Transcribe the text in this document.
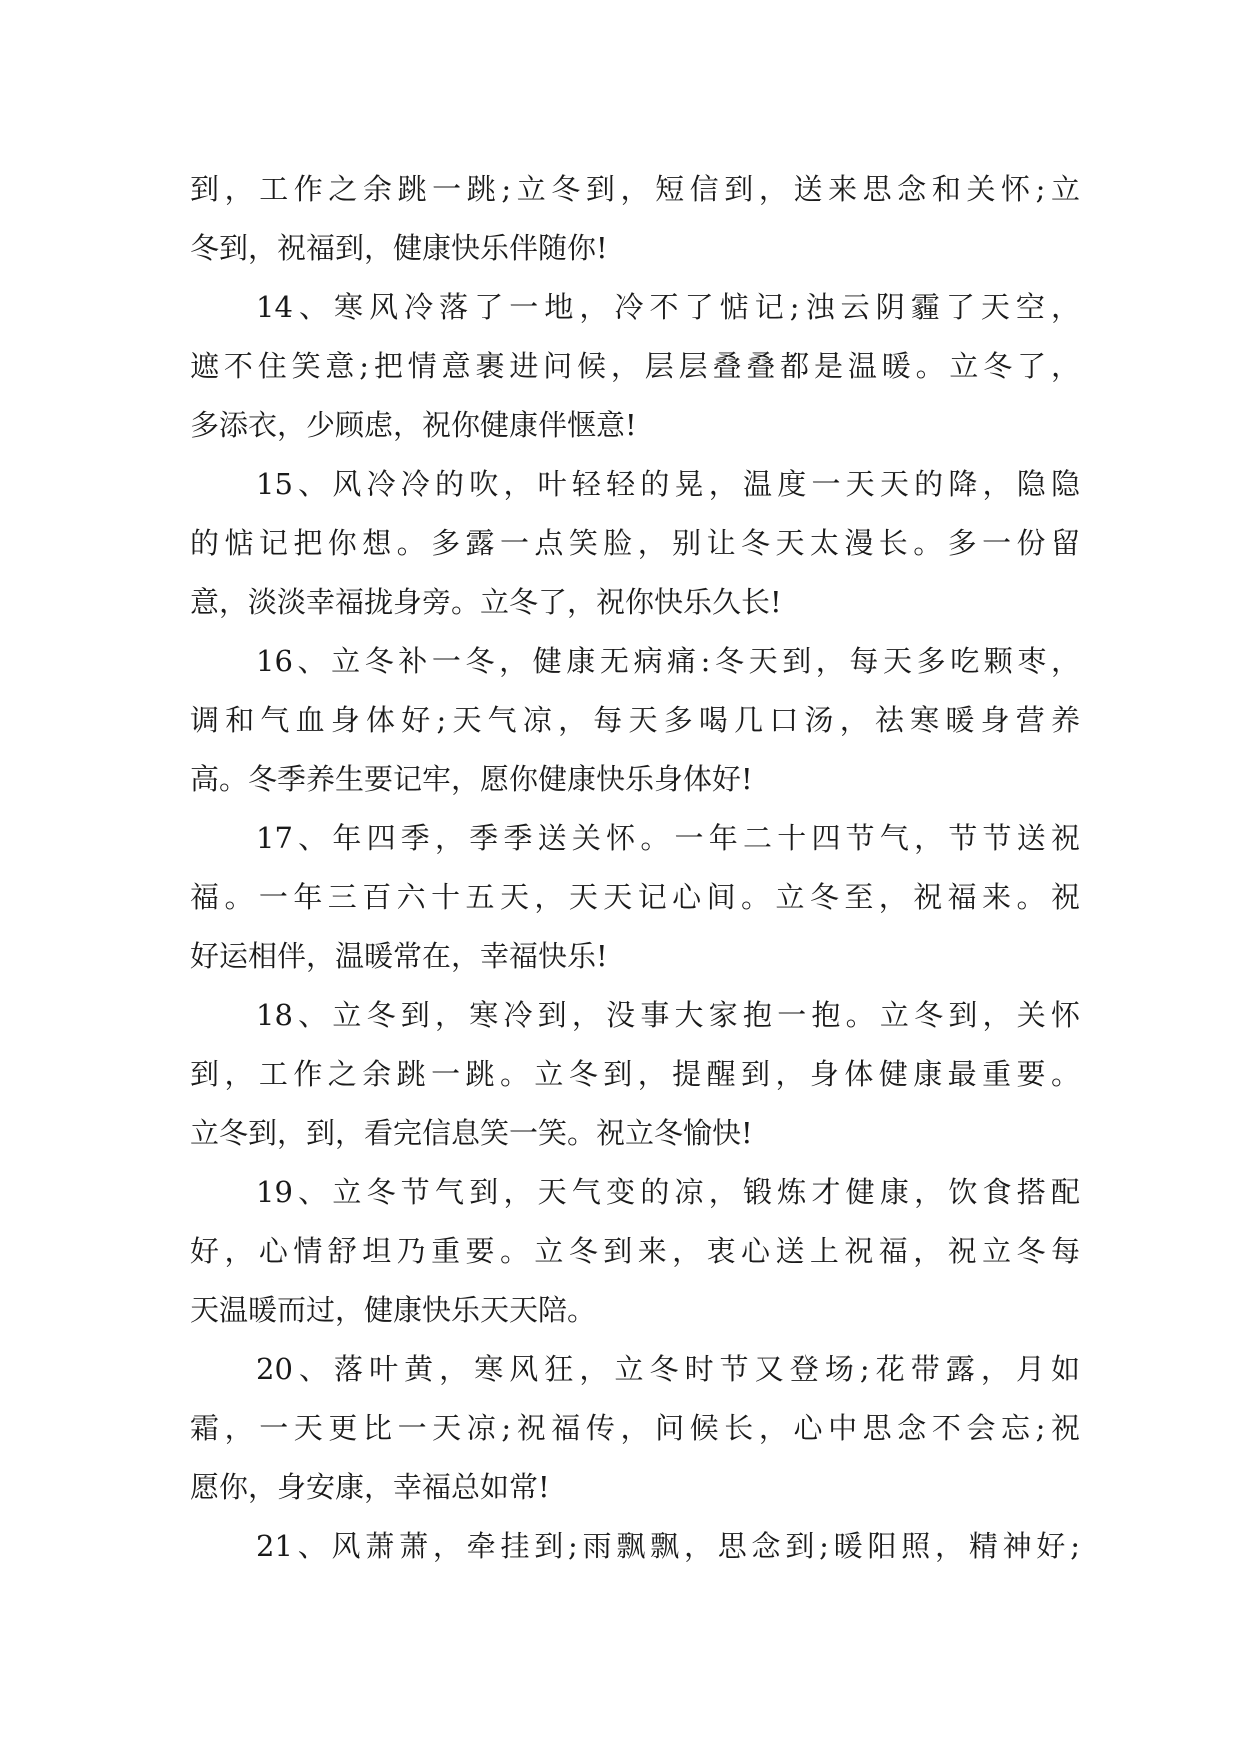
到，工作之余跳一跳;立冬到，短信到，送来思念和关怀;立
冬到，祝福到，健康快乐伴随你!
14、寒风冷落了一地，冷不了惦记;浊云阴霾了天空，
遮不住笑意;把情意裹进问候，层层叠叠都是温暖。立冬了，
多添衣，少顾虑，祝你健康伴惬意!
15、风冷冷的吹，叶轻轻的晃，温度一天天的降，隐隐
的惦记把你想。多露一点笑脸，别让冬天太漫长。多一份留
意，淡淡幸福拢身旁。立冬了，祝你快乐久长!
16、立冬补一冬，健康无病痛:冬天到，每天多吃颗枣，
调和气血身体好;天气凉，每天多喝几口汤，祛寒暖身营养
高。冬季养生要记牢，愿你健康快乐身体好!
17、年四季，季季送关怀。一年二十四节气，节节送祝
福。一年三百六十五天，天天记心间。立冬至，祝福来。祝
好运相伴，温暖常在，幸福快乐!
18、立冬到，寒冷到，没事大家抱一抱。立冬到，关怀
到，工作之余跳一跳。立冬到，提醒到，身体健康最重要。
立冬到，到，看完信息笑一笑。祝立冬愉快!
19、立冬节气到，天气变的凉，锻炼才健康，饮食搭配
好，心情舒坦乃重要。立冬到来，衷心送上祝福，祝立冬每
天温暖而过，健康快乐天天陪。
20、落叶黄，寒风狂，立冬时节又登场;花带露，月如
霜，一天更比一天凉;祝福传，问候长，心中思念不会忘;祝
愿你，身安康，幸福总如常!
21、风萧萧，牵挂到;雨飘飘，思念到;暖阳照，精神好;
